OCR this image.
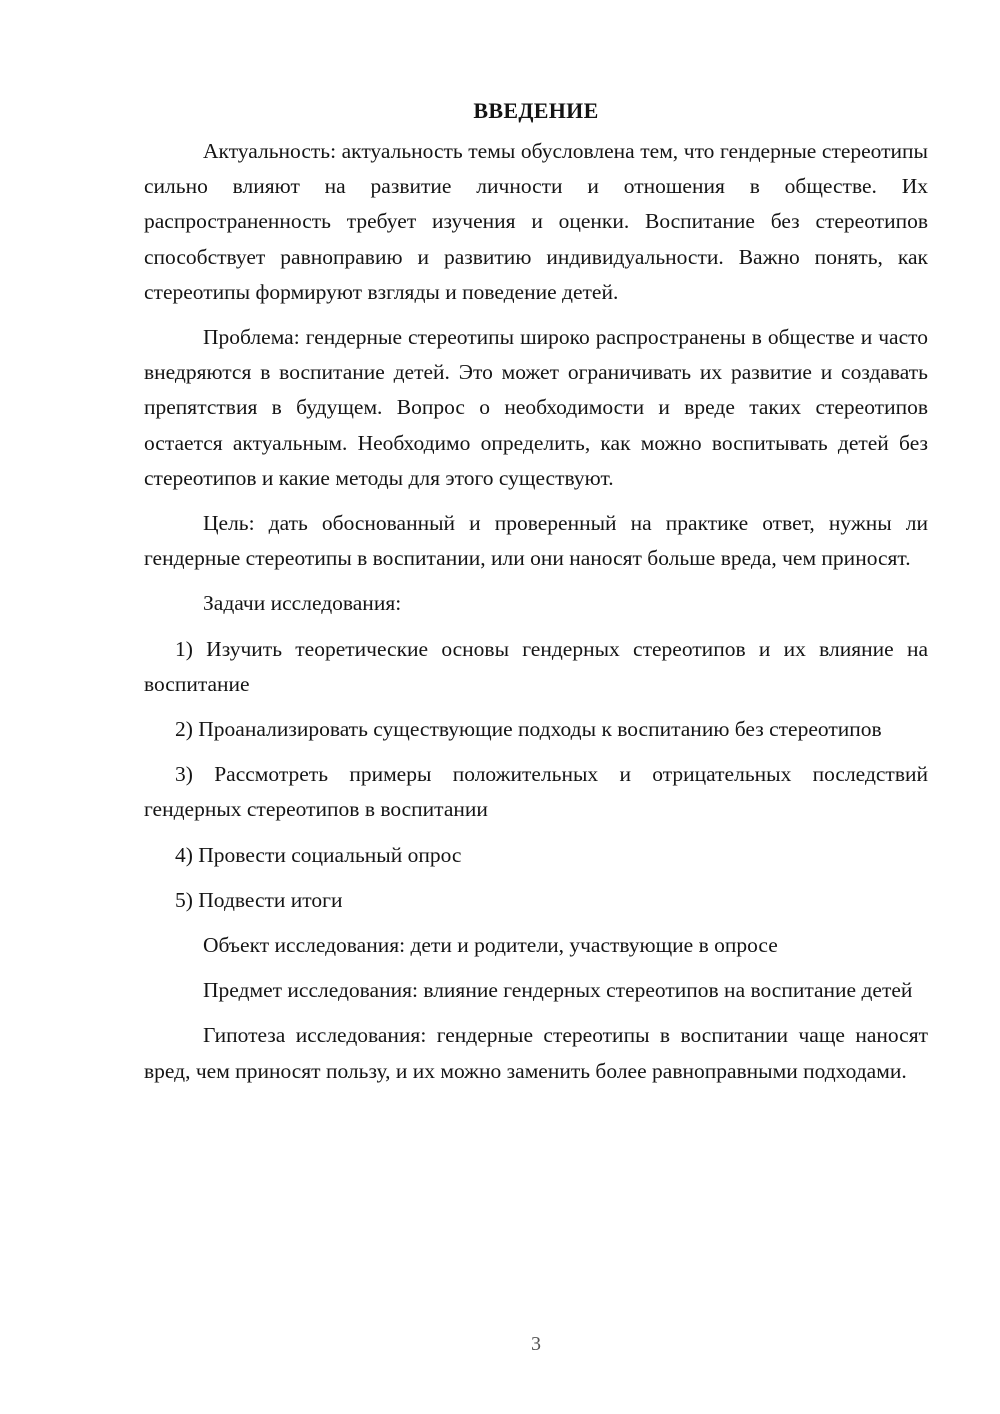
ВВЕДЕНИЕ

Актуальность: актуальность темы обусловлена тем, что гендерные стереотипы сильно влияют на развитие личности и отношения в обществе. Их распространенность требует изучения и оценки. Воспитание без стереотипов способствует равноправию и развитию индивидуальности. Важно понять, как стереотипы формируют взгляды и поведение детей.

Проблема: гендерные стереотипы широко распространены в обществе и часто внедряются в воспитание детей. Это может ограничивать их развитие и создавать препятствия в будущем. Вопрос о необходимости и вреде таких стереотипов остается актуальным. Необходимо определить, как можно воспитывать детей без стереотипов и какие методы для этого существуют.

Цель: дать обоснованный и проверенный на практике ответ, нужны ли гендерные стереотипы в воспитании, или они наносят больше вреда, чем приносят.

Задачи исследования:

1) Изучить теоретические основы гендерных стереотипов и их влияние на воспитание

2) Проанализировать существующие подходы к воспитанию без стереотипов

3) Рассмотреть примеры положительных и отрицательных последствий гендерных стереотипов в воспитании

4) Провести социальный опрос

5) Подвести итоги

Объект исследования: дети и родители, участвующие в опросе

Предмет исследования: влияние гендерных стереотипов на воспитание детей

Гипотеза исследования: гендерные стереотипы в воспитании чаще наносят вред, чем приносят пользу, и их можно заменить более равноправными подходами.

3
